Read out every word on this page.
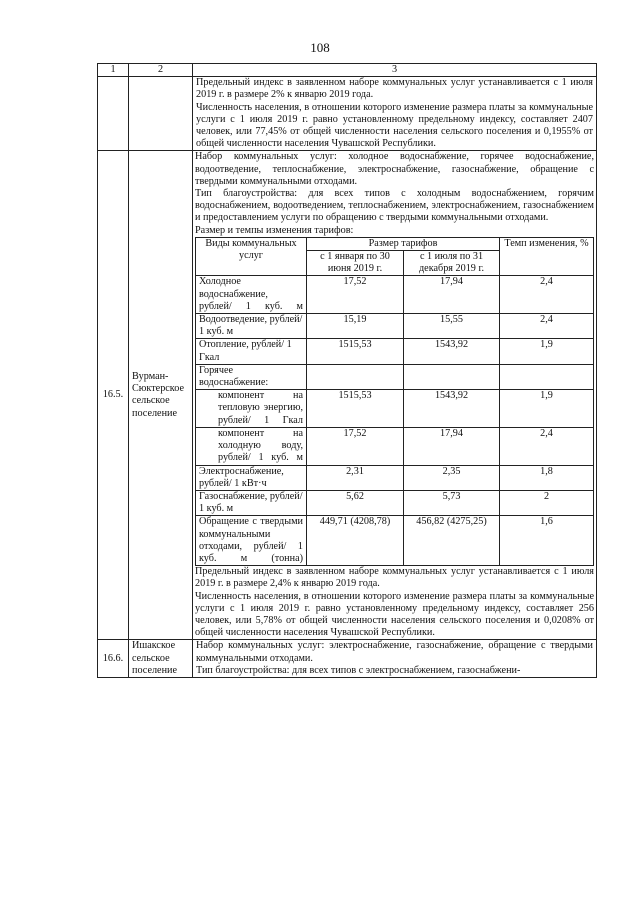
108
1	2	3

Предельный индекс в заявленном наборе коммунальных услуг устанавливается с 1 июля 2019 г. в размере 2% к январю 2019 года.

Численность населения, в отношении которого изменение размера платы за коммунальные услуги с 1 июля 2019 г. равно установленному предельному индексу, составляет 2407 человек, или 77,45% от общей численности населения сельского поселения и 0,1955% от общей численности населения Чувашской Республики.

16.5.	Вурман-Сюктерское сельское поселение	

Набор коммунальных услуг: холодное водоснабжение, горячее водоснабжение, водоотведение, теплоснабжение, электроснабжение, газоснабжение, обращение с твердыми коммунальными отходами.

Тип благоустройства: для всех типов с холодным водоснабжением, горячим водоснабжением, водоотведением, теплоснабжением, электроснабжением, газоснабжением и предоставлением услуги по обращению с твердыми коммунальными отходами.

Размер и темпы изменения тарифов:

Виды коммунальных услуг	Размер тарифов	Темп изменения, %
с 1 января по 30 июня 2019 г.	с 1 июля по 31 декабря 2019 г.
Холодное водоснабжение, рублей/ 1 куб. м	17,52	17,94	2,4
Водоотведение, рублей/ 1 куб. м	15,19	15,55	2,4
Отопление, рублей/ 1 Гкал	1515,53	1543,92	1,9
Горячее водоснабжение:			
компонент на тепловую энергию, рублей/ 1 Гкал	1515,53	1543,92	1,9
компонент на холодную воду, рублей/ 1 куб. м	17,52	17,94	2,4
Электроснабжение, рублей/ 1 кВт·ч	2,31	2,35	1,8
Газоснабжение, рублей/ 1 куб. м	5,62	5,73	2
Обращение с твердыми коммунальными отходами, рублей/ 1 куб. м (тонна)	449,71 (4208,78)	456,82 (4275,25)	1,6

Предельный индекс в заявленном наборе коммунальных услуг устанавливается с 1 июля 2019 г. в размере 2,4% к январю 2019 года.

Численность населения, в отношении которого изменение размера платы за коммунальные услуги с 1 июля 2019 г. равно установленному предельному индексу, составляет 256 человек, или 5,78% от общей численности населения сельского поселения и 0,0208% от общей численности населения Чувашской Республики.

16.6.	Ишакское сельское поселение	

Набор коммунальных услуг: электроснабжение, газоснабжение, обращение с твердыми коммунальными отходами.

Тип благоустройства: для всех типов с электроснабжением, газоснабжени-
